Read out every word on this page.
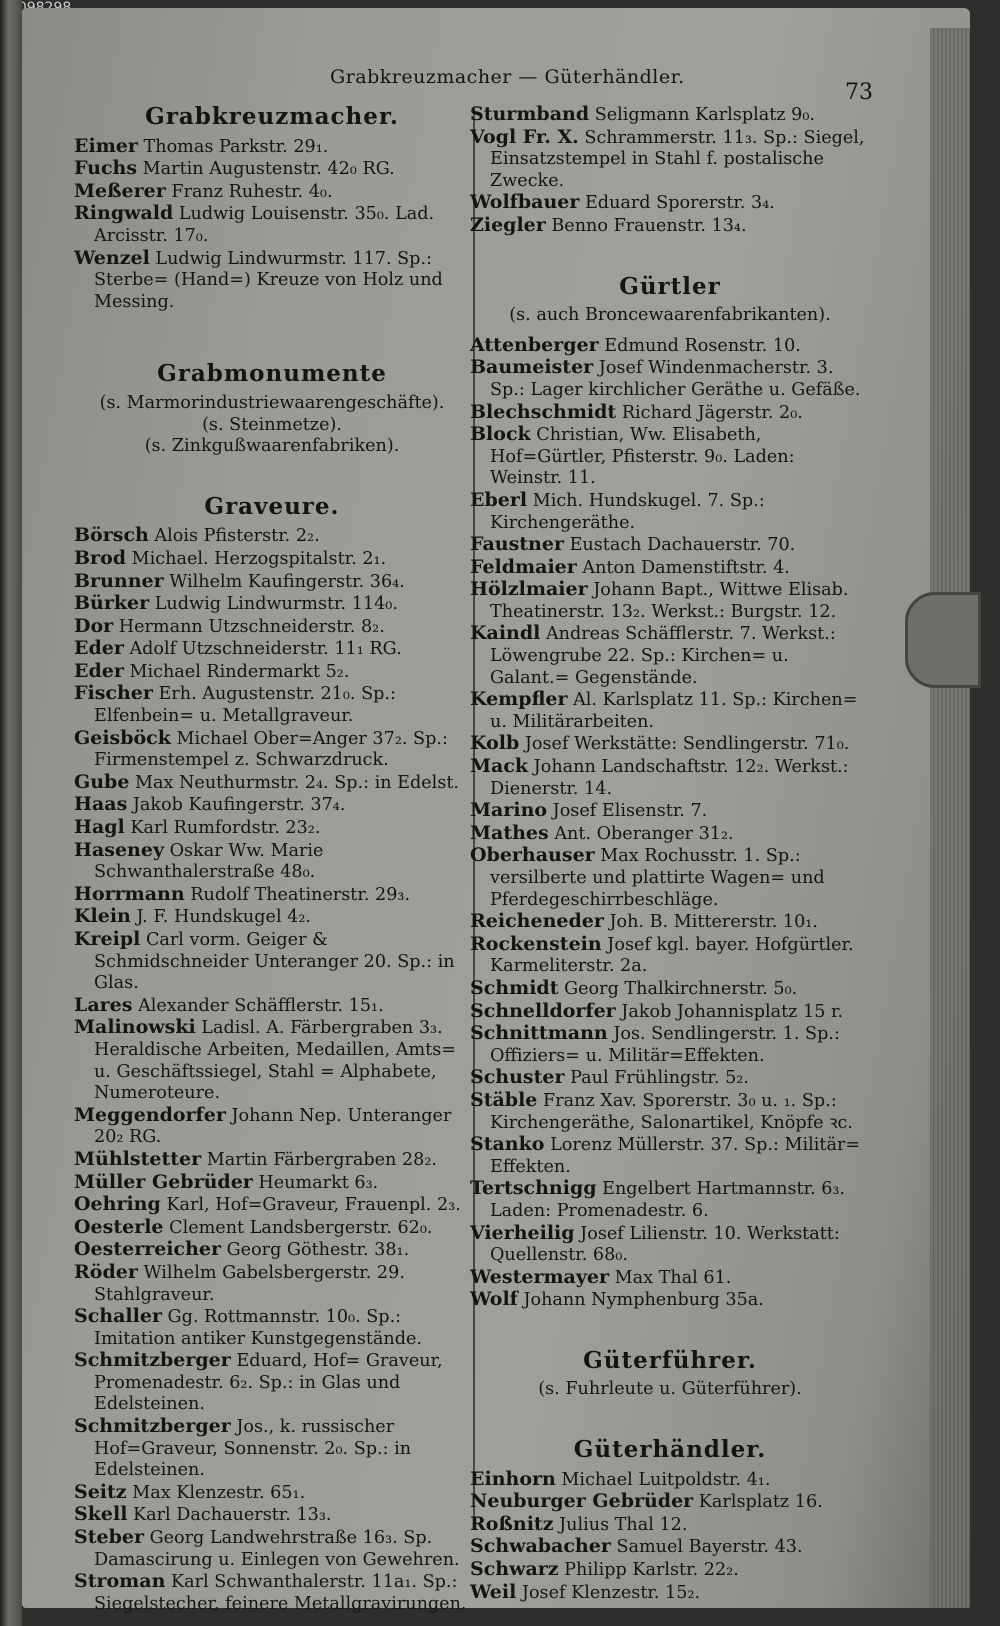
Grabkreuzmacher — Güterhändler.
73
Grabkreuzmacher.
Eimer Thomas Parkstr. 29₁.
Fuchs Martin Augustenstr. 42₀ RG.
Meßerer Franz Ruhestr. 4₀.
Ringwald Ludwig Louisenstr. 35₀. Lad. Arcisstr. 17₀.
Wenzel Ludwig Lindwurmstr. 117. Sp.: Sterbe= (Hand=) Kreuze von Holz und Messing.
Grabmonumente
(s. Marmorindustriewaarengeschäfte).
(s. Steinmetze).
(s. Zinkgußwaarenfabriken).
Graveure.
Börsch Alois Pfisterstr. 2₂.
Brod Michael. Herzogspitalstr. 2₁.
Brunner Wilhelm Kaufingerstr. 36₄.
Bürker Ludwig Lindwurmstr. 114₀.
Dor Hermann Utzschneiderstr. 8₂.
Eder Adolf Utzschneiderstr. 11₁ RG.
Eder Michael Rindermarkt 5₂.
Fischer Erh. Augustenstr. 21₀. Sp.: Elfenbein= u. Metallgraveur.
Geisböck Michael Ober=Anger 37₂. Sp.: Firmenstempel z. Schwarzdruck.
Gube Max Neuthurmstr. 2₄. Sp.: in Edelst.
Haas Jakob Kaufingerstr. 37₄.
Hagl Karl Rumfordstr. 23₂.
Haseney Oskar Ww. Marie Schwanthalerstraße 48₀.
Horrmann Rudolf Theatinerstr. 29₃.
Klein J. F. Hundskugel 4₂.
Kreipl Carl vorm. Geiger & Schmidschneider Unteranger 20. Sp.: in Glas.
Lares Alexander Schäfflerstr. 15₁.
Malinowski Ladisl. A. Färbergraben 3₃. Heraldische Arbeiten, Medaillen, Amts= u. Geschäftssiegel, Stahl = Alphabete, Numeroteure.
Meggendorfer Johann Nep. Unteranger 20₂ RG.
Mühlstetter Martin Färbergraben 28₂.
Müller Gebrüder Heumarkt 6₃.
Oehring Karl, Hof=Graveur, Frauenpl. 2₃.
Oesterle Clement Landsbergerstr. 62₀.
Oesterreicher Georg Göthestr. 38₁.
Röder Wilhelm Gabelsbergerstr. 29. Stahlgraveur.
Schaller Gg. Rottmannstr. 10₀. Sp.: Imitation antiker Kunstgegenstände.
Schmitzberger Eduard, Hof= Graveur, Promenadestr. 6₂. Sp.: in Glas und Edelsteinen.
Schmitzberger Jos., k. russischer Hof=Graveur, Sonnenstr. 2₀. Sp.: in Edelsteinen.
Seitz Max Klenzestr. 65₁.
Skell Karl Dachauerstr. 13₃.
Steber Georg Landwehrstraße 16₃. Sp. Damascirung u. Einlegen von Gewehren.
Stroman Karl Schwanthalerstr. 11a₁. Sp.: Siegelstecher, feinere Metallgravirungen.
Sturmband Seligmann Karlsplatz 9₀.
Vogl Fr. X. Schrammerstr. 11₃. Sp.: Siegel, Einsatzstempel in Stahl f. postalische Zwecke.
Wolfbauer Eduard Sporerstr. 3₄.
Ziegler Benno Frauenstr. 13₄.
Gürtler
(s. auch Broncewaarenfabrikanten).
Attenberger Edmund Rosenstr. 10.
Baumeister Josef Windenmacherstr. 3. Sp.: Lager kirchlicher Geräthe u. Gefäße.
Blechschmidt Richard Jägerstr. 2₀.
Block Christian, Ww. Elisabeth, Hof=Gürtler, Pfisterstr. 9₀. Laden: Weinstr. 11.
Eberl Mich. Hundskugel. 7. Sp.: Kirchengeräthe.
Faustner Eustach Dachauerstr. 70.
Feldmaier Anton Damenstiftstr. 4.
Hölzlmaier Johann Bapt., Wittwe Elisab. Theatinerstr. 13₂. Werkst.: Burgstr. 12.
Kaindl Andreas Schäfflerstr. 7. Werkst.: Löwengrube 22. Sp.: Kirchen= u. Galant.= Gegenstände.
Kempfler Al. Karlsplatz 11. Sp.: Kirchen= u. Militärarbeiten.
Kolb Josef Werkstätte: Sendlingerstr. 71₀.
Mack Johann Landschaftstr. 12₂. Werkst.: Dienerstr. 14.
Marino Josef Elisenstr. 7.
Mathes Ant. Oberanger 31₂.
Oberhauser Max Rochusstr. 1. Sp.: versilberte und plattirte Wagen= und Pferdegeschirrbeschläge.
Reicheneder Joh. B. Mittererstr. 10₁.
Rockenstein Josef kgl. bayer. Hofgürtler. Karmeliterstr. 2a.
Schmidt Georg Thalkirchnerstr. 5₀.
Schnelldorfer Jakob Johannisplatz 15 r.
Schnittmann Jos. Sendlingerstr. 1. Sp.: Offiziers= u. Militär=Effekten.
Schuster Paul Frühlingstr. 5₂.
Stäble Franz Xav. Sporerstr. 3₀ u. ₁. Sp.: Kirchengeräthe, Salonartikel, Knöpfe ꝛc.
Stanko Lorenz Müllerstr. 37. Sp.: Militär= Effekten.
Tertschnigg Engelbert Hartmannstr. 6₃. Laden: Promenadestr. 6.
Vierheilig Josef Lilienstr. 10. Werkstatt: Quellenstr. 68₀.
Westermayer Max Thal 61.
Wolf Johann Nymphenburg 35a.
Güterführer.
(s. Fuhrleute u. Güterführer).
Güterhändler.
Einhorn Michael Luitpoldstr. 4₁.
Neuburger Gebrüder Karlsplatz 16.
Roßnitz Julius Thal 12.
Schwabacher Samuel Bayerstr. 43.
Schwarz Philipp Karlstr. 22₂.
Weil Josef Klenzestr. 15₂.
